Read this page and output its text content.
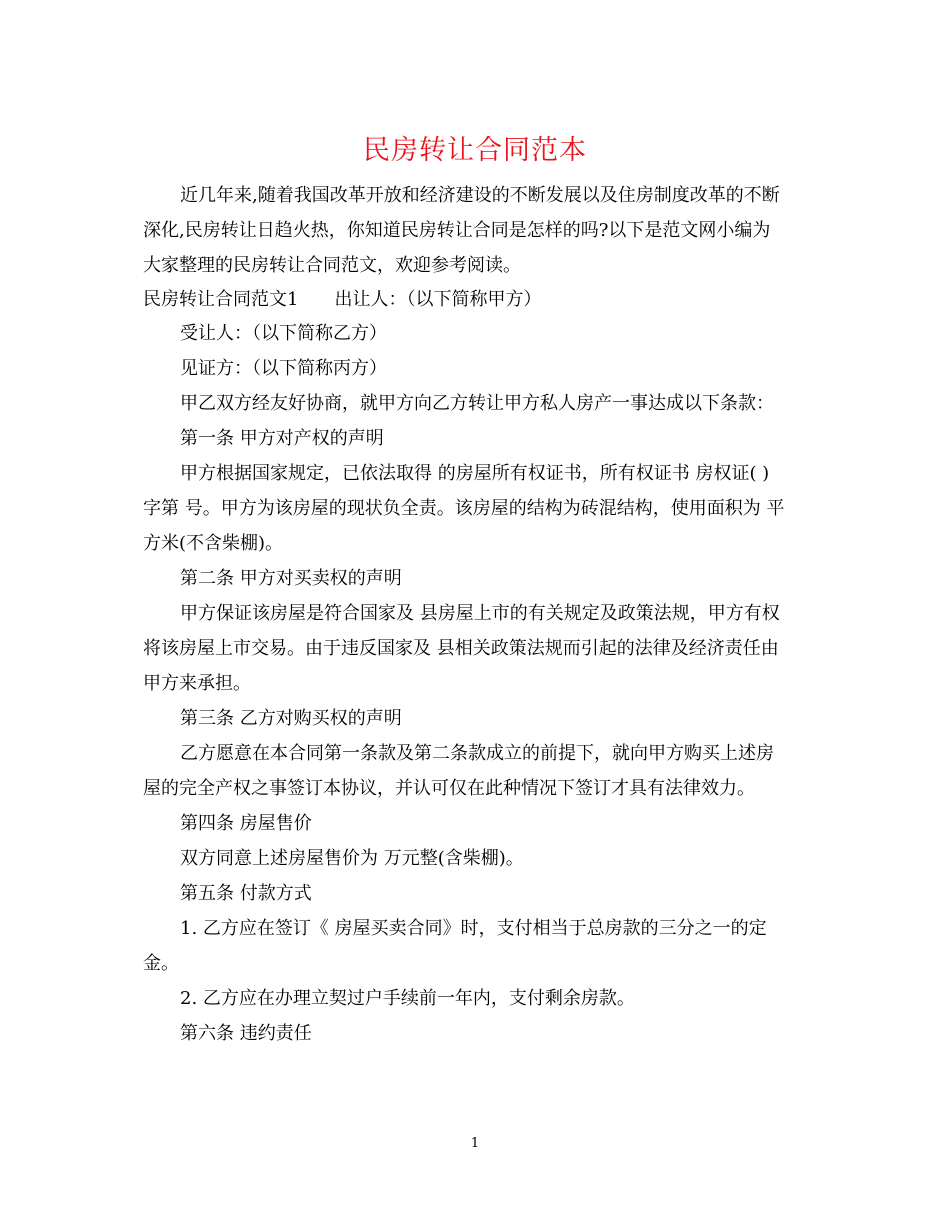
民房转让合同范本
近几年来,随着我国改革开放和经济建设的不断发展以及住房制度改革的不断
深化,民房转让日趋火热，你知道民房转让合同是怎样的吗?以下是范文网小编为
大家整理的民房转让合同范文，欢迎参考阅读。
民房转让合同范文1　　出让人：（以下简称甲方）
受让人：（以下简称乙方）
见证方：（以下简称丙方）
甲乙双方经友好协商，就甲方向乙方转让甲方私人房产一事达成以下条款：
第一条 甲方对产权的声明
甲方根据国家规定，已依法取得 的房屋所有权证书，所有权证书 房权证( )
字第 号。甲方为该房屋的现状负全责。该房屋的结构为砖混结构，使用面积为 平
方米(不含柴棚)。
第二条 甲方对买卖权的声明
甲方保证该房屋是符合国家及 县房屋上市的有关规定及政策法规，甲方有权
将该房屋上市交易。由于违反国家及 县相关政策法规而引起的法律及经济责任由
甲方来承担。
第三条 乙方对购买权的声明
乙方愿意在本合同第一条款及第二条款成立的前提下，就向甲方购买上述房
屋的完全产权之事签订本协议，并认可仅在此种情况下签订才具有法律效力。
第四条 房屋售价
双方同意上述房屋售价为 万元整(含柴棚)。
第五条 付款方式
1. 乙方应在签订《 房屋买卖合同》时，支付相当于总房款的三分之一的定
金。
2. 乙方应在办理立契过户手续前一年内，支付剩余房款。
第六条 违约责任
1
